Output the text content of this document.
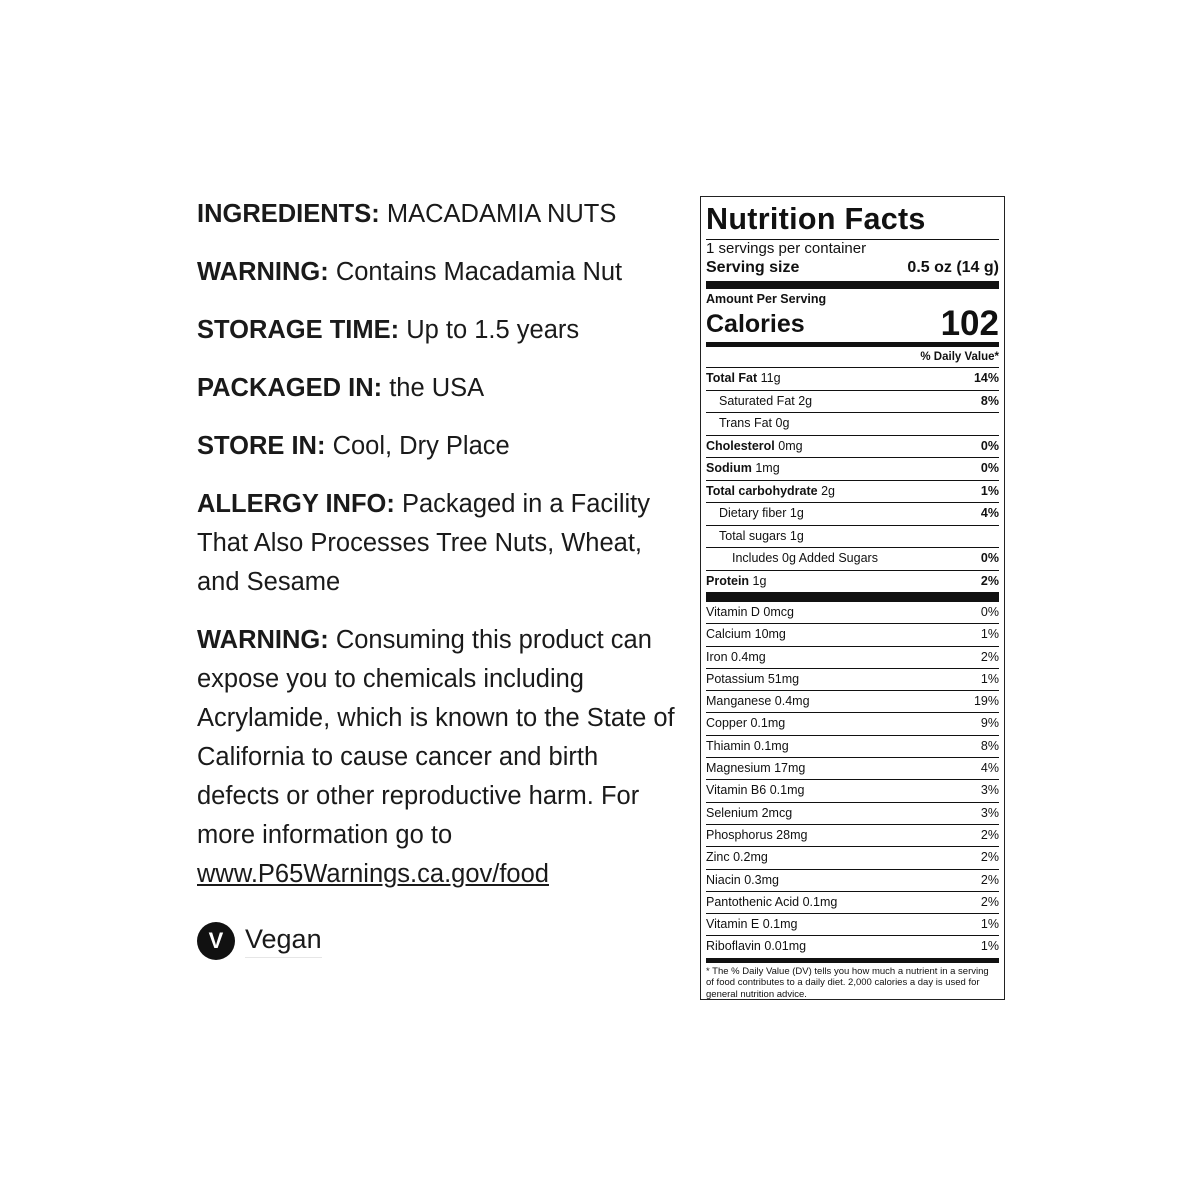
INGREDIENTS: MACADAMIA NUTS

WARNING: Contains Macadamia Nut

STORAGE TIME: Up to 1.5 years

PACKAGED IN: the USA

STORE IN: Cool, Dry Place

ALLERGY INFO: Packaged in a Facility That Also Processes Tree Nuts, Wheat, and Sesame

WARNING: Consuming this product can expose you to chemicals including Acrylamide, which is known to the State of California to cause cancer and birth defects or other reproductive harm. For more information go to www.P65Warnings.ca.gov/food

V Vegan
Nutrition Facts
1 servings per container
Serving size	0.5 oz (14 g)
Amount Per Serving
Calories	102
% Daily Value*
Total Fat 11g	14%
Saturated Fat 2g	8%
Trans Fat 0g
Cholesterol 0mg	0%
Sodium 1mg	0%
Total carbohydrate 2g	1%
Dietary fiber 1g	4%
Total sugars 1g
Includes 0g Added Sugars	0%
Protein 1g	2%
Vitamin D 0mcg	0%
Calcium 10mg	1%
Iron 0.4mg	2%
Potassium 51mg	1%
Manganese 0.4mg	19%
Copper 0.1mg	9%
Thiamin 0.1mg	8%
Magnesium 17mg	4%
Vitamin B6 0.1mg	3%
Selenium 2mcg	3%
Phosphorus 28mg	2%
Zinc 0.2mg	2%
Niacin 0.3mg	2%
Pantothenic Acid 0.1mg	2%
Vitamin E 0.1mg	1%
Riboflavin 0.01mg	1%
* The % Daily Value (DV) tells you how much a nutrient in a serving of food contributes to a daily diet. 2,000 calories a day is used for general nutrition advice.
